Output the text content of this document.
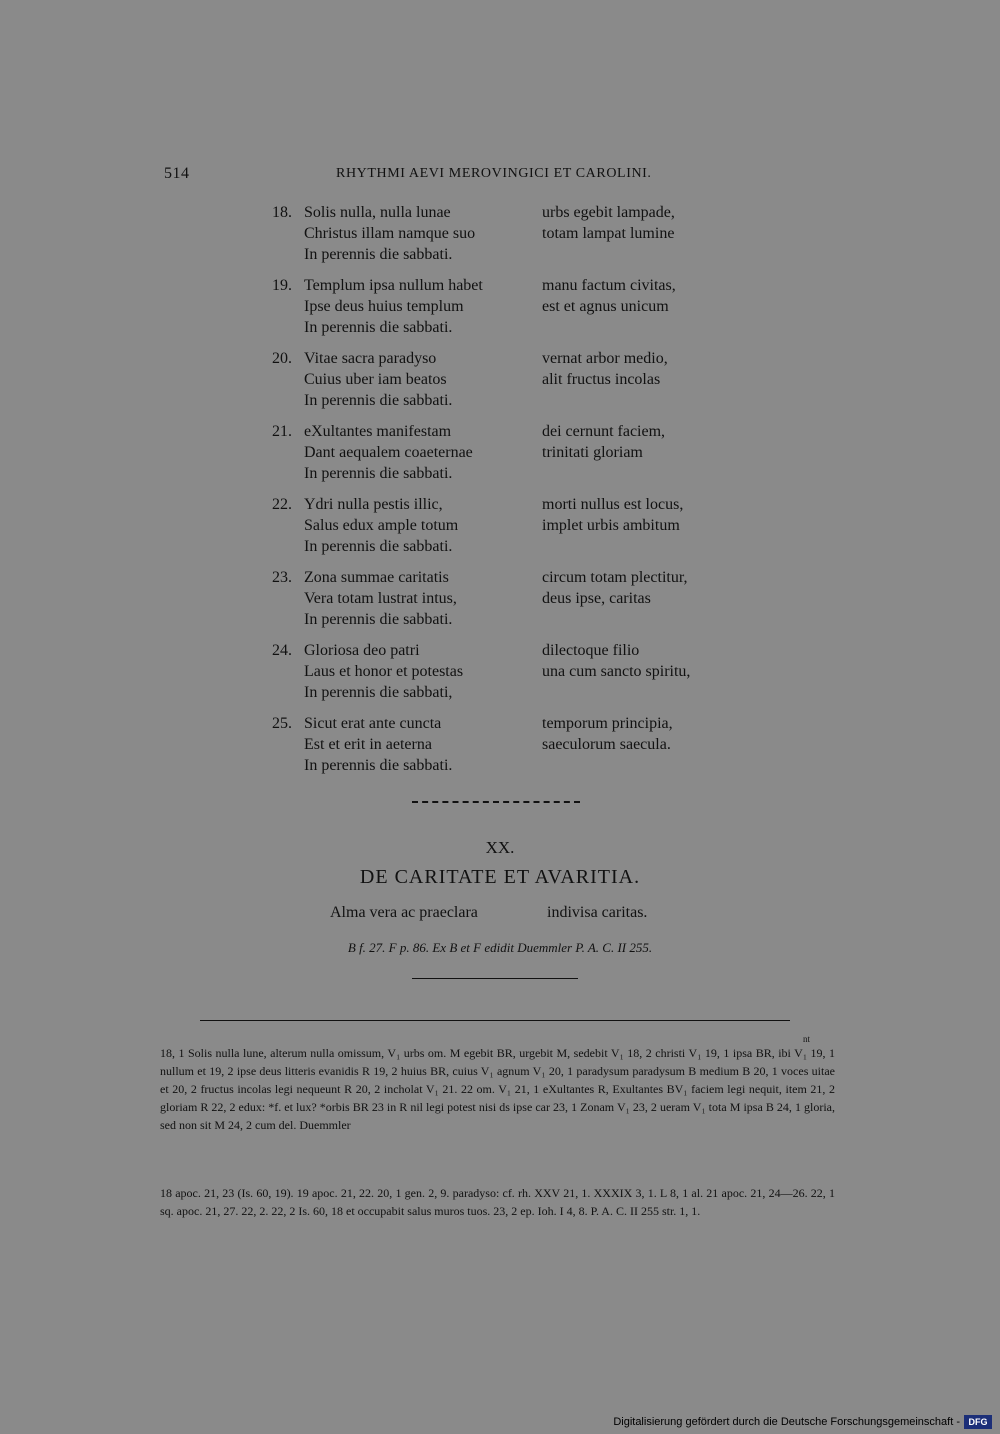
514	RHYTHMI AEVI MEROVINGICI ET CAROLINI.
18. Solis nulla, nulla lunae	urbs egebit lampade,
Christus illam namque suo	totam lampat lumine
In perennis die sabbati.
19. Templum ipsa nullum habet	manu factum civitas,
Ipse deus huius templum	est et agnus unicum
In perennis die sabbati.
20. Vitae sacra paradyso	vernat arbor medio,
Cuius uber iam beatos	alit fructus incolas
In perennis die sabbati.
21. eXultantes manifestam	dei cernunt faciem,
Dant aequalem coaeternae	trinitati gloriam
In perennis die sabbati.
22. Ydri nulla pestis illic,	morti nullus est locus,
Salus edux ample totum	implet urbis ambitum
In perennis die sabbati.
23. Zona summae caritatis	circum totam plectitur,
Vera totam lustrat intus,	deus ipse, caritas
In perennis die sabbati.
24. Gloriosa deo patri	dilectoque filio
Laus et honor et potestas	una cum sancto spiritu,
In perennis die sabbati,
25. Sicut erat ante cuncta	temporum principia,
Est et erit in aeterna	saeculorum saecula.
In perennis die sabbati.
XX.
DE CARITATE ET AVARITIA.
Alma vera ac praeclara	indivisa caritas.
B f. 27. F p. 86. Ex B et F edidit Duemmler P. A. C. II 255.
nt

18, 1 Solis nulla lune, alterum nulla omissum, V₁ urbs om. M egebit BR, urgebit M, sedebit V₁ 18, 2 christi V₁ 19, 1 ipsa BR, ibi V₁ 19, 1 nullum et 19, 2 ipse deus litteris evanidis R 19, 2 huius BR, cuius V₁ agnum V₁ 20, 1 paradysum paradysum B medium B 20, 1 voces uitae et 20, 2 fructus incolas legi nequeunt R 20, 2 incholat V₁ 21. 22 om. V₁ 21, 1 eXultantes R, Exultantes BV₁ faciem legi nequit, item 21, 2 gloriam R 22, 2 edux: *f. et lux? *orbis BR 23 in R nil legi potest nisi ds ipse car 23, 1 Zonam V₁ 23, 2 ueram V₁ tota M ipsa B 24, 1 gloria, sed non sit M 24, 2 cum del. Duemmler

18 apoc. 21, 23 (Is. 60, 19). 19 apoc. 21, 22. 20, 1 gen. 2, 9. paradyso: cf. rh. XXV 21, 1. XXXIX 3, 1. L 8, 1 al. 21 apoc. 21, 24—26. 22, 1 sq. apoc. 21, 27. 22, 2. 22, 2 Is. 60, 18 et occupabit salus muros tuos. 23, 2 ep. Ioh. I 4, 8. P. A. C. II 255 str. 1, 1.

Digitalisierung gefördert durch die Deutsche Forschungsgemeinschaft - DFG
